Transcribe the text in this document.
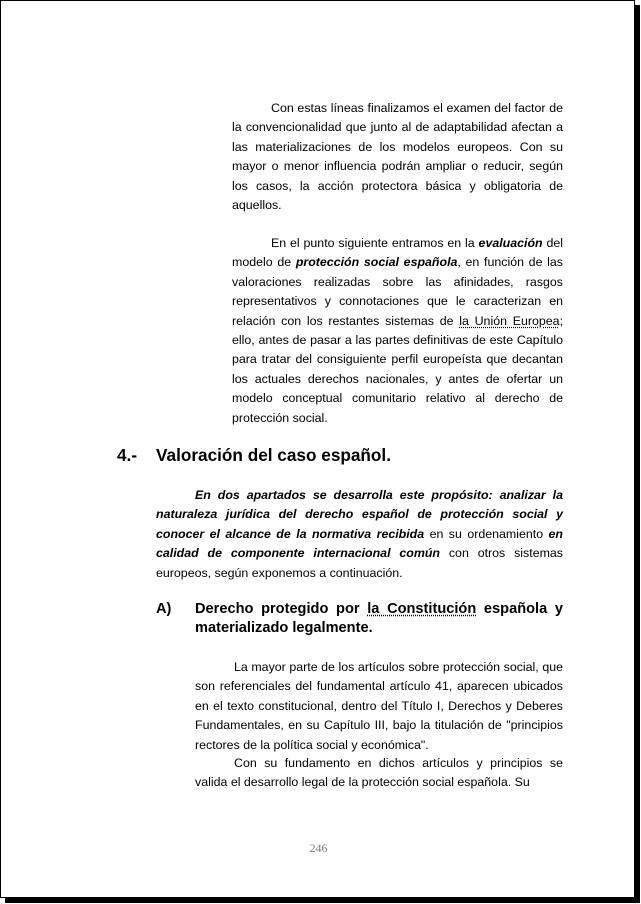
Con estas líneas finalizamos el examen del factor de la convencionalidad que junto al de adaptabilidad afectan a las materializaciones de los modelos europeos. Con su mayor o menor influencia podrán ampliar o reducir, según los casos, la acción protectora básica y obligatoria de aquellos.

En el punto siguiente entramos en la evaluación del modelo de protección social española, en función de las valoraciones realizadas sobre las afinidades, rasgos representativos y connotaciones que le caracterizan en relación con los restantes sistemas de la Unión Europea; ello, antes de pasar a las partes definitivas de este Capítulo para tratar del consiguiente perfil europeísta que decantan los actuales derechos nacionales, y antes de ofertar un modelo conceptual comunitario relativo al derecho de protección social.

4.- Valoración del caso español.

En dos apartados se desarrolla este propósito: analizar la naturaleza jurídica del derecho español de protección social y conocer el alcance de la normativa recibida en su ordenamiento en calidad de componente internacional común con otros sistemas europeos, según exponemos a continuación.

A) Derecho protegido por la Constitución española y materializado legalmente.

La mayor parte de los artículos sobre protección social, que son referenciales del fundamental artículo 41, aparecen ubicados en el texto constitucional, dentro del Título I, Derechos y Deberes Fundamentales, en su Capítulo III, bajo la titulación de "principios rectores de la política social y económica".

Con su fundamento en dichos artículos y principios se valida el desarrollo legal de la protección social española. Su

246
